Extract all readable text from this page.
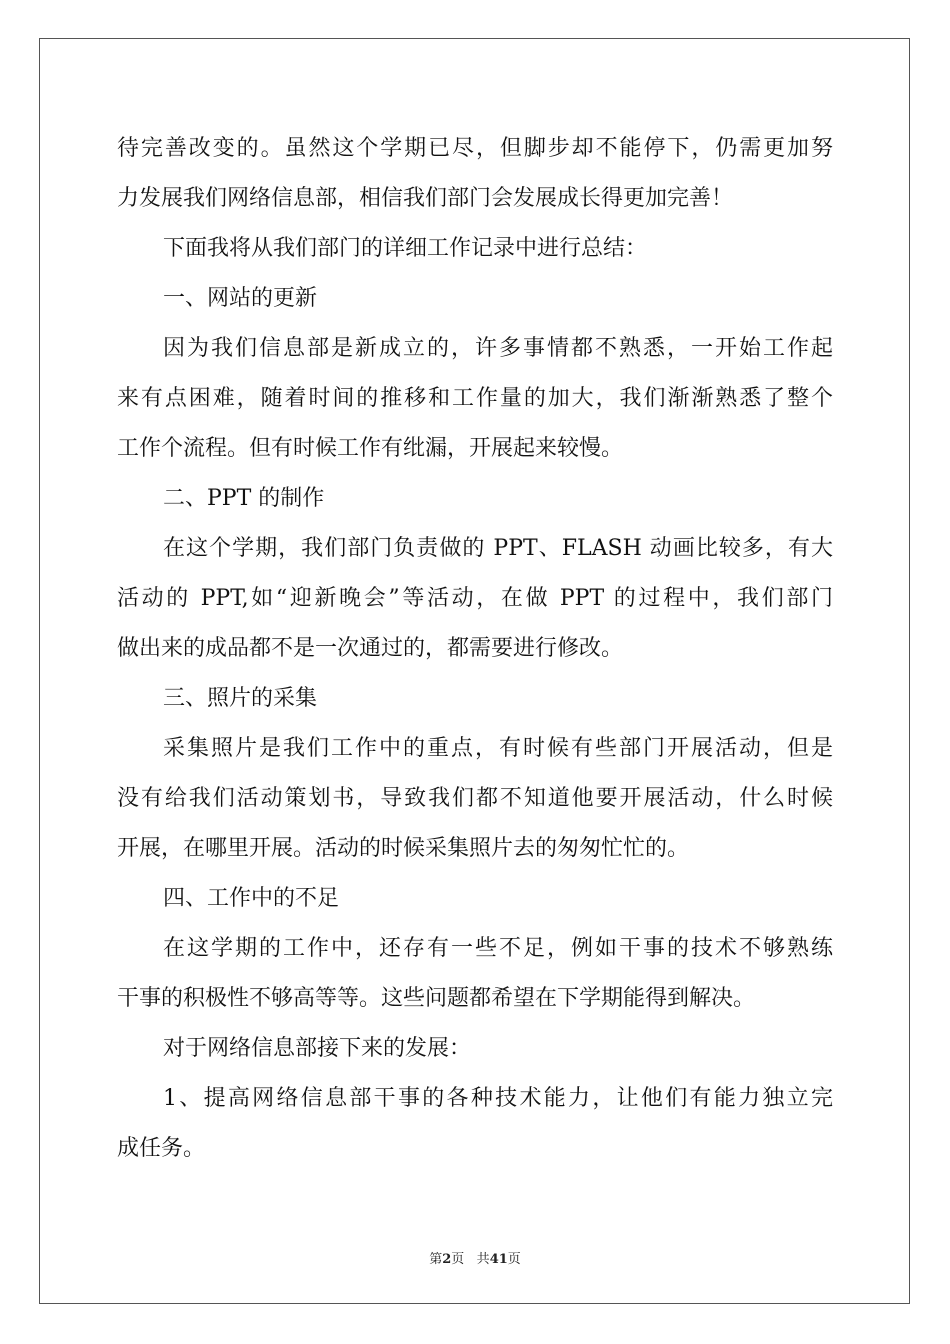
待完善改变的。虽然这个学期已尽，但脚步却不能停下，仍需更加努
力发展我们网络信息部，相信我们部门会发展成长得更加完善！
下面我将从我们部门的详细工作记录中进行总结：
一、网站的更新
因为我们信息部是新成立的，许多事情都不熟悉，一开始工作起
来有点困难，随着时间的推移和工作量的加大，我们渐渐熟悉了整个
工作个流程。但有时候工作有纰漏，开展起来较慢。
二、PPT 的制作
在这个学期，我们部门负责做的 PPT、FLASH 动画比较多，有大
活动的 PPT,如“迎新晚会”等活动，在做 PPT 的过程中，我们部门
做出来的成品都不是一次通过的，都需要进行修改。
三、照片的采集
采集照片是我们工作中的重点，有时候有些部门开展活动，但是
没有给我们活动策划书，导致我们都不知道他要开展活动，什么时候
开展，在哪里开展。活动的时候采集照片去的匆匆忙忙的。
四、工作中的不足
在这学期的工作中，还存有一些不足，例如干事的技术不够熟练
干事的积极性不够高等等。这些问题都希望在下学期能得到解决。
对于网络信息部接下来的发展：
1、提高网络信息部干事的各种技术能力，让他们有能力独立完
成任务。
第2页 共41页
